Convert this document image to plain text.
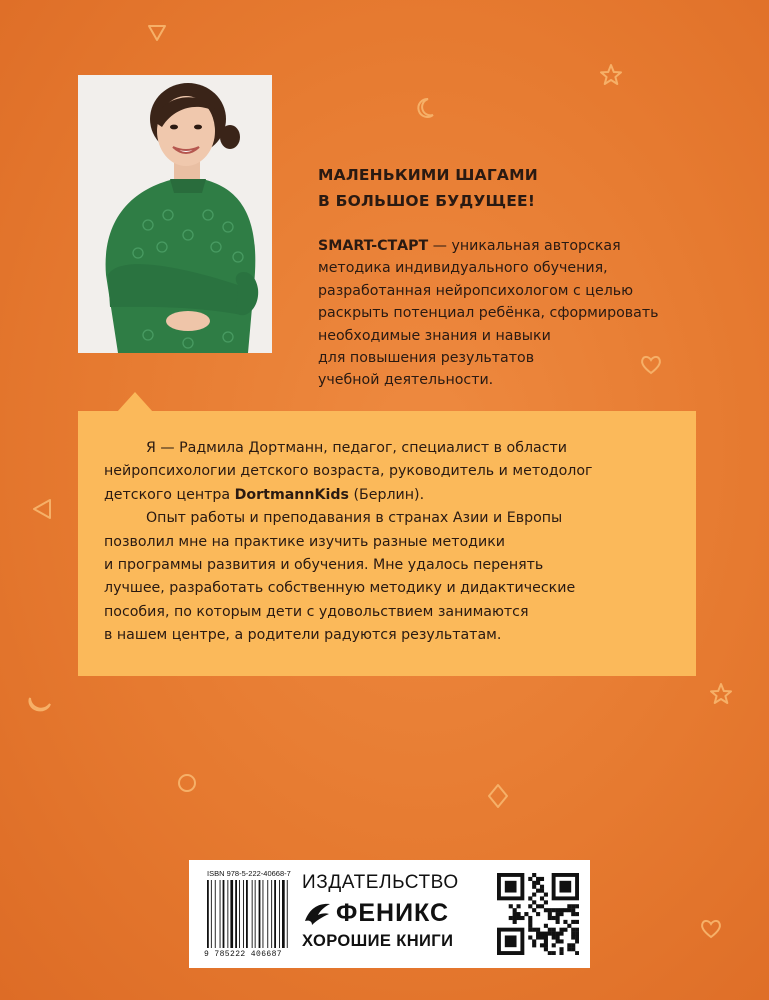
МАЛЕНЬКИМИ ШАГАМИ
В БОЛЬШОЕ БУДУЩЕЕ!
SMART-СТАРТ — уникальная авторская
методика индивидуального обучения,
разработанная нейропсихологом с целью
раскрыть потенциал ребёнка, сформировать
необходимые знания и навыки
для повышения результатов
учебной деятельности.
Я — Радмила Дортманн, педагог, специалист в области
нейропсихологии детского возраста, руководитель и методолог
детского центра DortmannKids (Берлин).
Опыт работы и преподавания в странах Азии и Европы
позволил мне на практике изучить разные методики
и программы развития и обучения. Мне удалось перенять
лучшее, разработать собственную методику и дидактические
пособия, по которым дети с удовольствием занимаются
в нашем центре, а родители радуются результатам.
ISBN 978-5-222-40668-7
9 785222 406687
ИЗДАТЕЛЬСТВО
ФЕНИКС
ХОРОШИЕ КНИГИ
